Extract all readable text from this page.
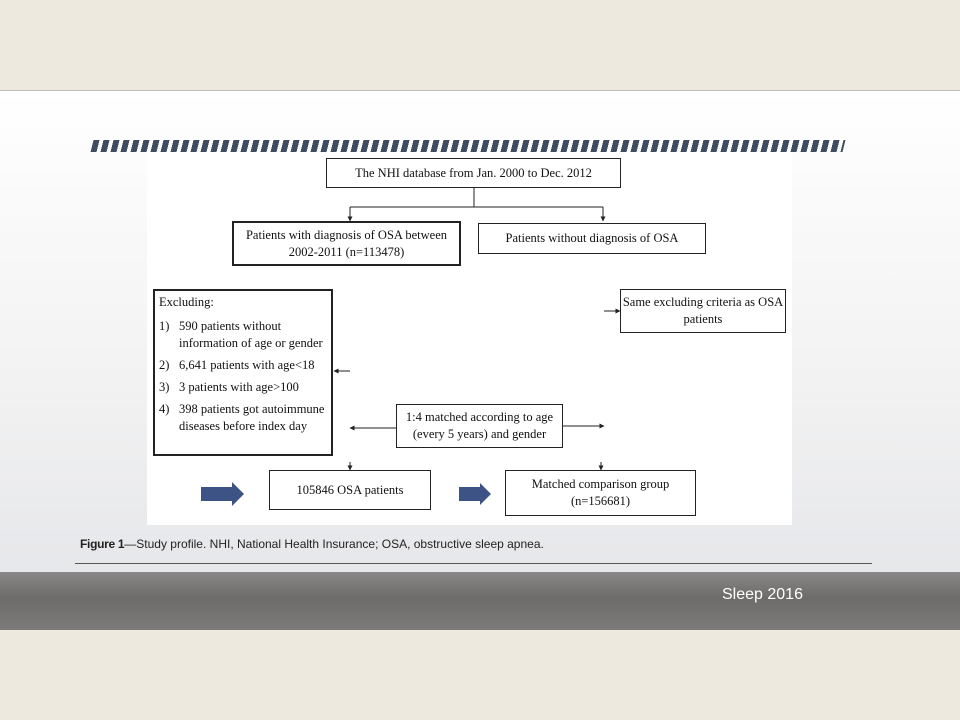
The NHI database from Jan. 2000 to Dec. 2012
Patients with diagnosis of OSA between 2002-2011 (n=113478)
Patients without diagnosis of OSA
Excluding:
1) 590 patients without information of age or gender
2) 6,641 patients with age<18
3) 3 patients with age>100
4) 398 patients got autoimmune diseases before index day
Same excluding criteria as OSA patients
1:4 matched according to age (every 5 years) and gender
105846 OSA patients	Matched comparison group (n=156681)
Figure 1—Study profile. NHI, National Health Insurance; OSA, obstructive sleep apnea.
Sleep 2016
